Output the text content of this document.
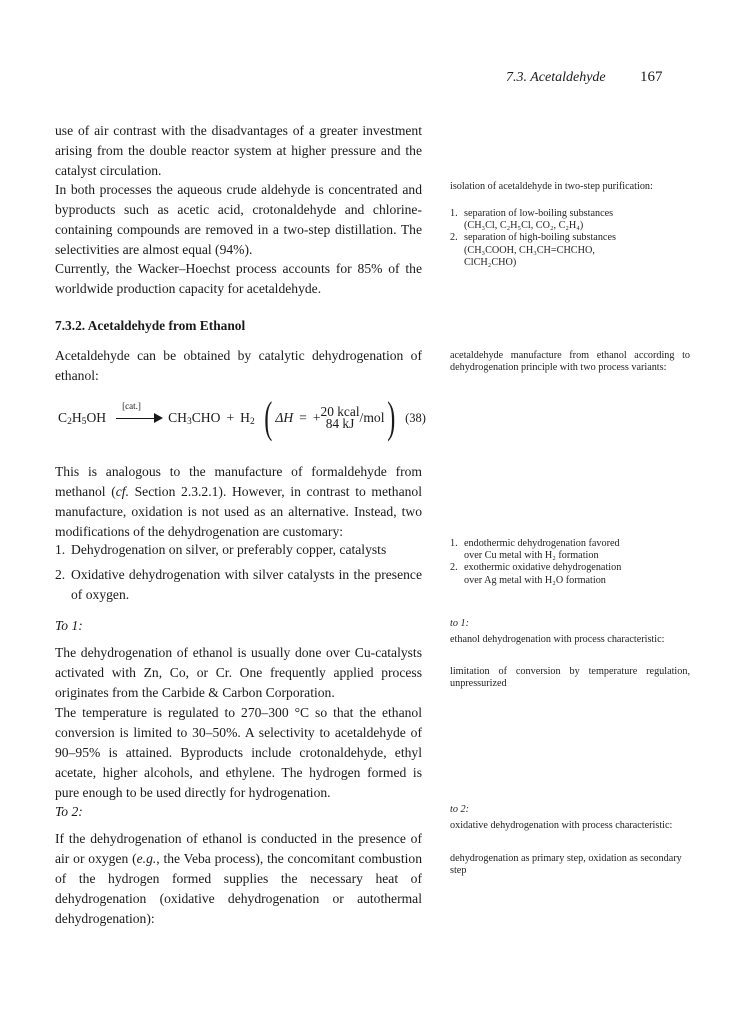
7.3. Acetaldehyde 167

use of air contrast with the disadvantages of a greater investment arising from the double reactor system at higher pressure and the catalyst circulation.

In both processes the aqueous crude aldehyde is concentrated and byproducts such as acetic acid, crotonaldehyde and chlorine-containing compounds are removed in a two-step distillation. The selectivities are almost equal (94%).

Currently, the Wacker–Hoechst process accounts for 85% of the worldwide production capacity for acetaldehyde.

7.3.2. Acetaldehyde from Ethanol

Acetaldehyde can be obtained by catalytic dehydrogenation of ethanol:

$C_2H_5OH$
[cat.]
$CH_3CHO + H_2$ ( ΔH = + 20 kcal
84 kJ /mol ) (38)

This is analogous to the manufacture of formaldehyde from methanol (cf. Section 2.3.2.1). However, in contrast to methanol manufacture, oxidation is not used as an alternative. Instead, two modifications of the dehydrogenation are customary:

1. Dehydrogenation on silver, or preferably copper, catalysts
2. Oxidative dehydrogenation with silver catalysts in the presence of oxygen.
To 1:

The dehydrogenation of ethanol is usually done over Cu-catalysts activated with Zn, Co, or Cr. One frequently applied process originates from the Carbide & Carbon Corporation.

The temperature is regulated to 270–300 °C so that the ethanol conversion is limited to 30–50%. A selectivity to acetaldehyde of 90–95% is attained. Byproducts include crotonaldehyde, ethyl acetate, higher alcohols, and ethylene. The hydrogen formed is pure enough to be used directly for hydrogenation.

To 2:

If the dehydrogenation of ethanol is conducted in the presence of air or oxygen (e.g., the Veba process), the concomitant combustion of the hydrogen formed supplies the necessary heat of dehydrogenation (oxidative dehydrogenation or autothermal dehydrogenation):

isolation of acetaldehyde in two-step purification:

1. separation of low-boiling substances
(CH₃Cl, C₂H₅Cl, CO₂, C₂H₄)
2. separation of high-boiling substances
(CH₃COOH, CH₃CH=CHCHO,
ClCH₂CHO)

acetaldehyde manufacture from ethanol according to dehydrogenation principle with two process variants:

1. endothermic dehydrogenation favored
over Cu metal with H₂ formation
2. exothermic oxidative dehydrogenation
over Ag metal with H₂O formation
to 1:

ethanol dehydrogenation with process characteristic:

limitation of conversion by temperature regulation, unpressurized

to 2:

oxidative dehydrogenation with process characteristic:

dehydrogenation as primary step, oxidation as secondary step
